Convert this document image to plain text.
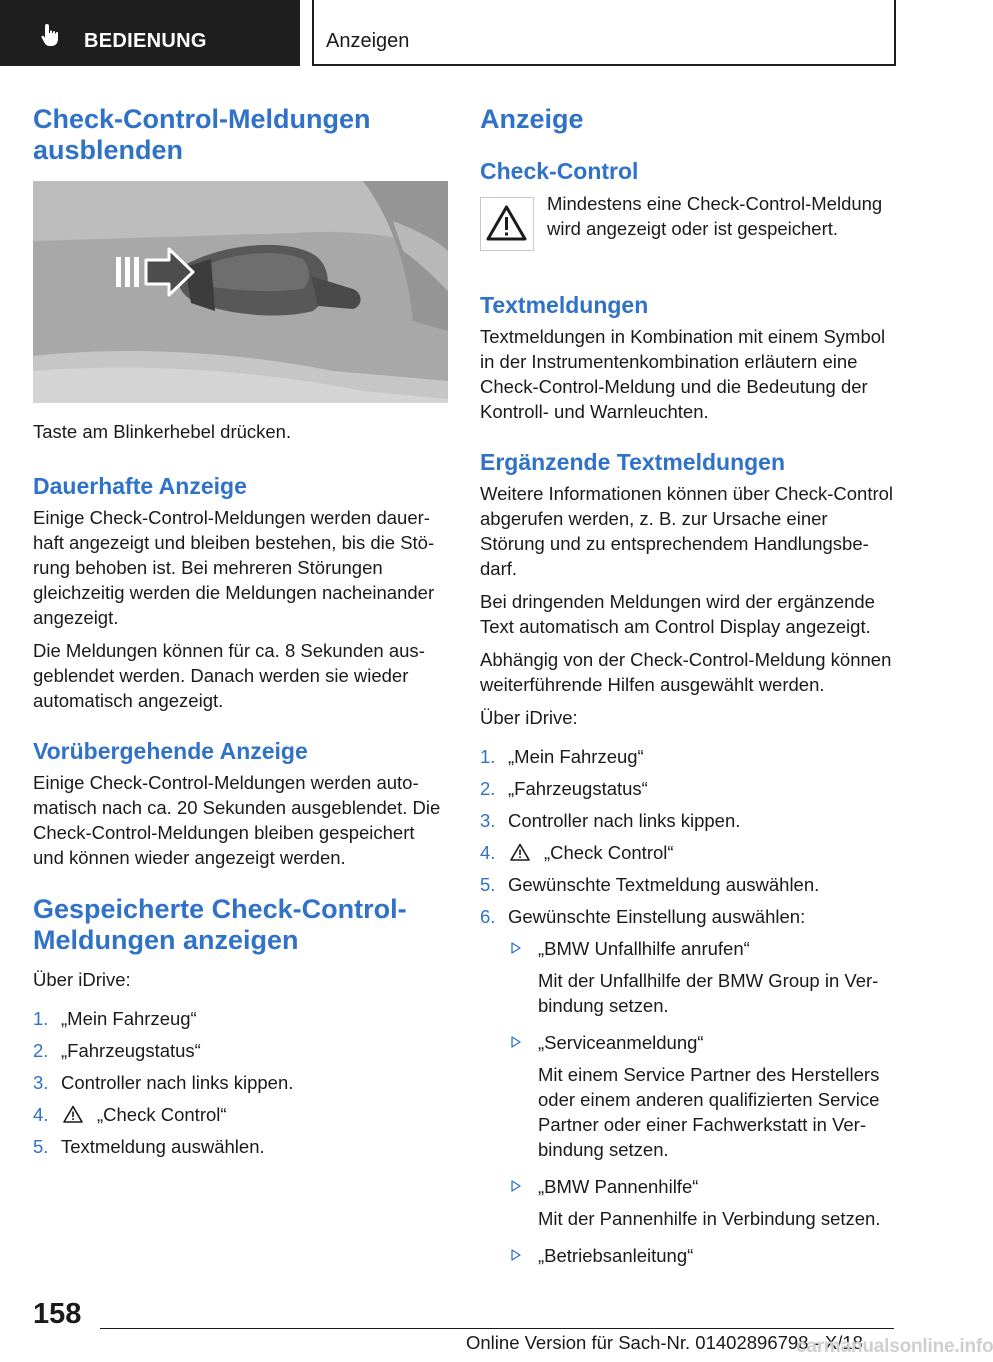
BEDIENUNG	Anzeigen
Check-Control-Meldungen ausblenden

Taste am Blinkerhebel drücken.

Dauerhafte Anzeige

Einige Check-Control-Meldungen werden dauerhaft angezeigt und bleiben bestehen, bis die Störung behoben ist. Bei mehreren Störungen gleichzeitig werden die Meldungen nacheinander angezeigt.

Die Meldungen können für ca. 8 Sekunden ausgeblendet werden. Danach werden sie wieder automatisch angezeigt.

Vorübergehende Anzeige

Einige Check-Control-Meldungen werden automatisch nach ca. 20 Sekunden ausgeblendet. Die Check-Control-Meldungen bleiben gespeichert und können wieder angezeigt werden.

Gespeicherte Check-Control-Meldungen anzeigen

Über iDrive:

1. „Mein Fahrzeug“
2. „Fahrzeugstatus“
3. Controller nach links kippen.
4.	„Check Control“
5. Textmeldung auswählen.
Anzeige
Check-Control

Mindestens eine Check-Control-Meldung wird angezeigt oder ist gespeichert.

Textmeldungen

Textmeldungen in Kombination mit einem Symbol in der Instrumentenkombination erläutern eine Check-Control-Meldung und die Bedeutung der Kontroll- und Warnleuchten.

Ergänzende Textmeldungen

Weitere Informationen können über Check-Control abgerufen werden, z. B. zur Ursache einer Störung und zu entsprechendem Handlungsbedarf.

Bei dringenden Meldungen wird der ergänzende Text automatisch am Control Display angezeigt.

Abhängig von der Check-Control-Meldung können weiterführende Hilfen ausgewählt werden.

Über iDrive:

1. „Mein Fahrzeug“
2. „Fahrzeugstatus“
3. Controller nach links kippen.
4.	„Check Control“
5. Gewünschte Textmeldung auswählen.
6. Gewünschte Einstellung auswählen:
„BMW Unfallhilfe anrufen“
Mit der Unfallhilfe der BMW Group in Verbindung setzen.
„Serviceanmeldung“
Mit einem Service Partner des Herstellers oder einem anderen qualifizierten Service Partner oder einer Fachwerkstatt in Verbindung setzen.
„BMW Pannenhilfe“
Mit der Pannenhilfe in Verbindung setzen.
„Betriebsanleitung“
158
Online Version für Sach-Nr. 01402896798 - X/18
carmanualsonline.info
